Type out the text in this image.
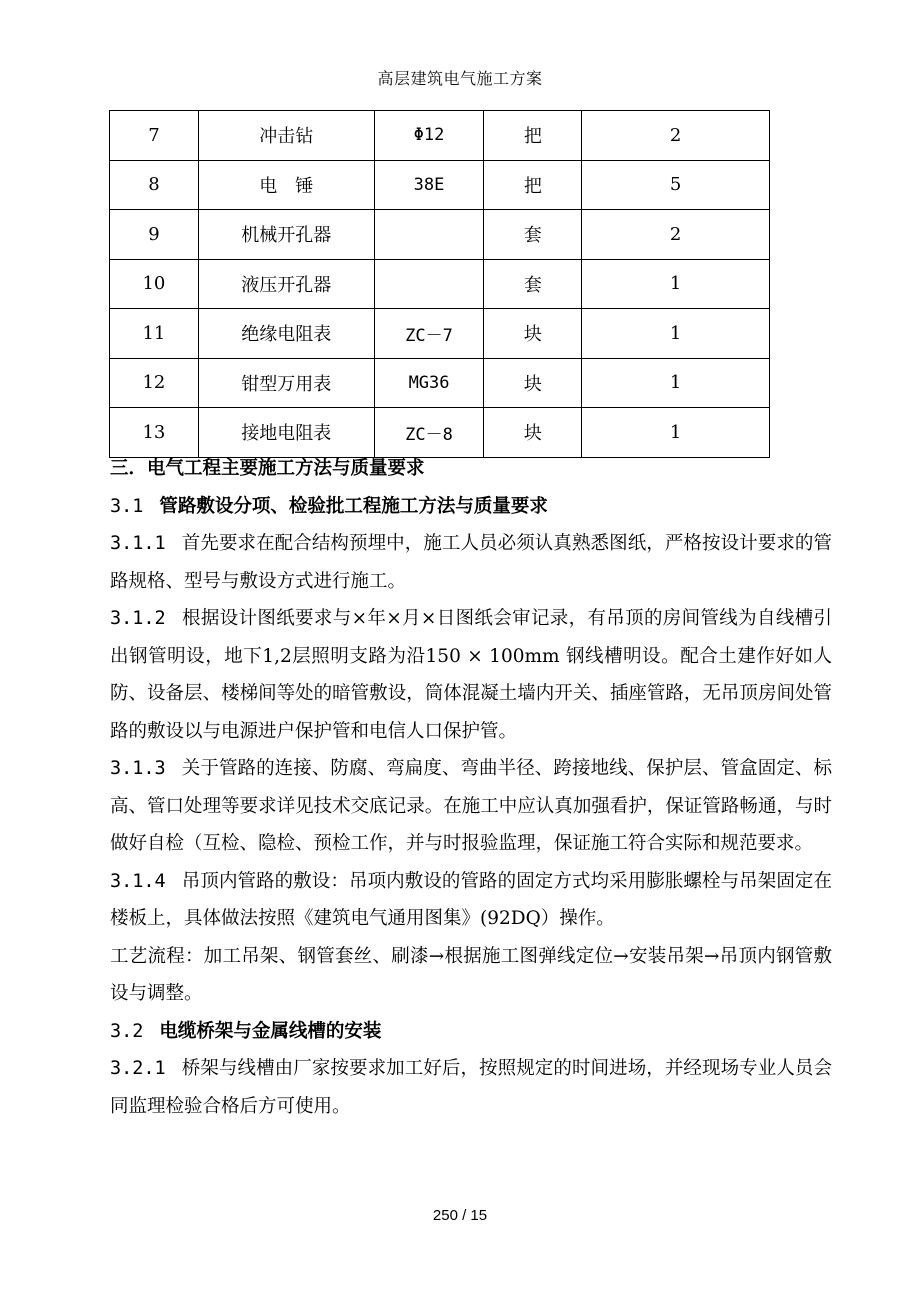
高层建筑电气施工方案
7	冲击钻	Φ12	把	2
8	电　锤	38E	把	5
9	机械开孔器		套	2
10	液压开孔器		套	1
11	绝缘电阻表	ZC－7	块	1
12	钳型万用表	MG36	块	1
13	接地电阻表	ZC－8	块	1

三．电气工程主要施工方法与质量要求

3.1 管路敷设分项、检验批工程施工方法与质量要求

3.1.1 首先要求在配合结构预埋中，施工人员必须认真熟悉图纸，严格按设计要求的管路规格、型号与敷设方式进行施工。

3.1.2 根据设计图纸要求与×年×月×日图纸会审记录，有吊顶的房间管线为自线槽引出钢管明设，地下1,2层照明支路为沿150 × 100mm 钢线槽明设。配合土建作好如人防、设备层、楼梯间等处的暗管敷设，筒体混凝土墙内开关、插座管路，无吊顶房间处管路的敷设以与电源进户保护管和电信人口保护管。

3.1.3 关于管路的连接、防腐、弯扁度、弯曲半径、跨接地线、保护层、管盒固定、标高、管口处理等要求详见技术交底记录。在施工中应认真加强看护，保证管路畅通，与时做好自检（互检、隐检、预检工作，并与时报验监理，保证施工符合实际和规范要求。

3.1.4 吊顶内管路的敷设：吊项内敷设的管路的固定方式均采用膨胀螺栓与吊架固定在楼板上，具体做法按照《建筑电气通用图集》(92DQ）操作。

工艺流程：加工吊架、钢管套丝、刷漆→根据施工图弹线定位→安装吊架→吊顶内钢管敷设与调整。

3.2 电缆桥架与金属线槽的安装

3.2.1 桥架与线槽由厂家按要求加工好后，按照规定的时间进场，并经现场专业人员会同监理检验合格后方可使用。

250 / 15
